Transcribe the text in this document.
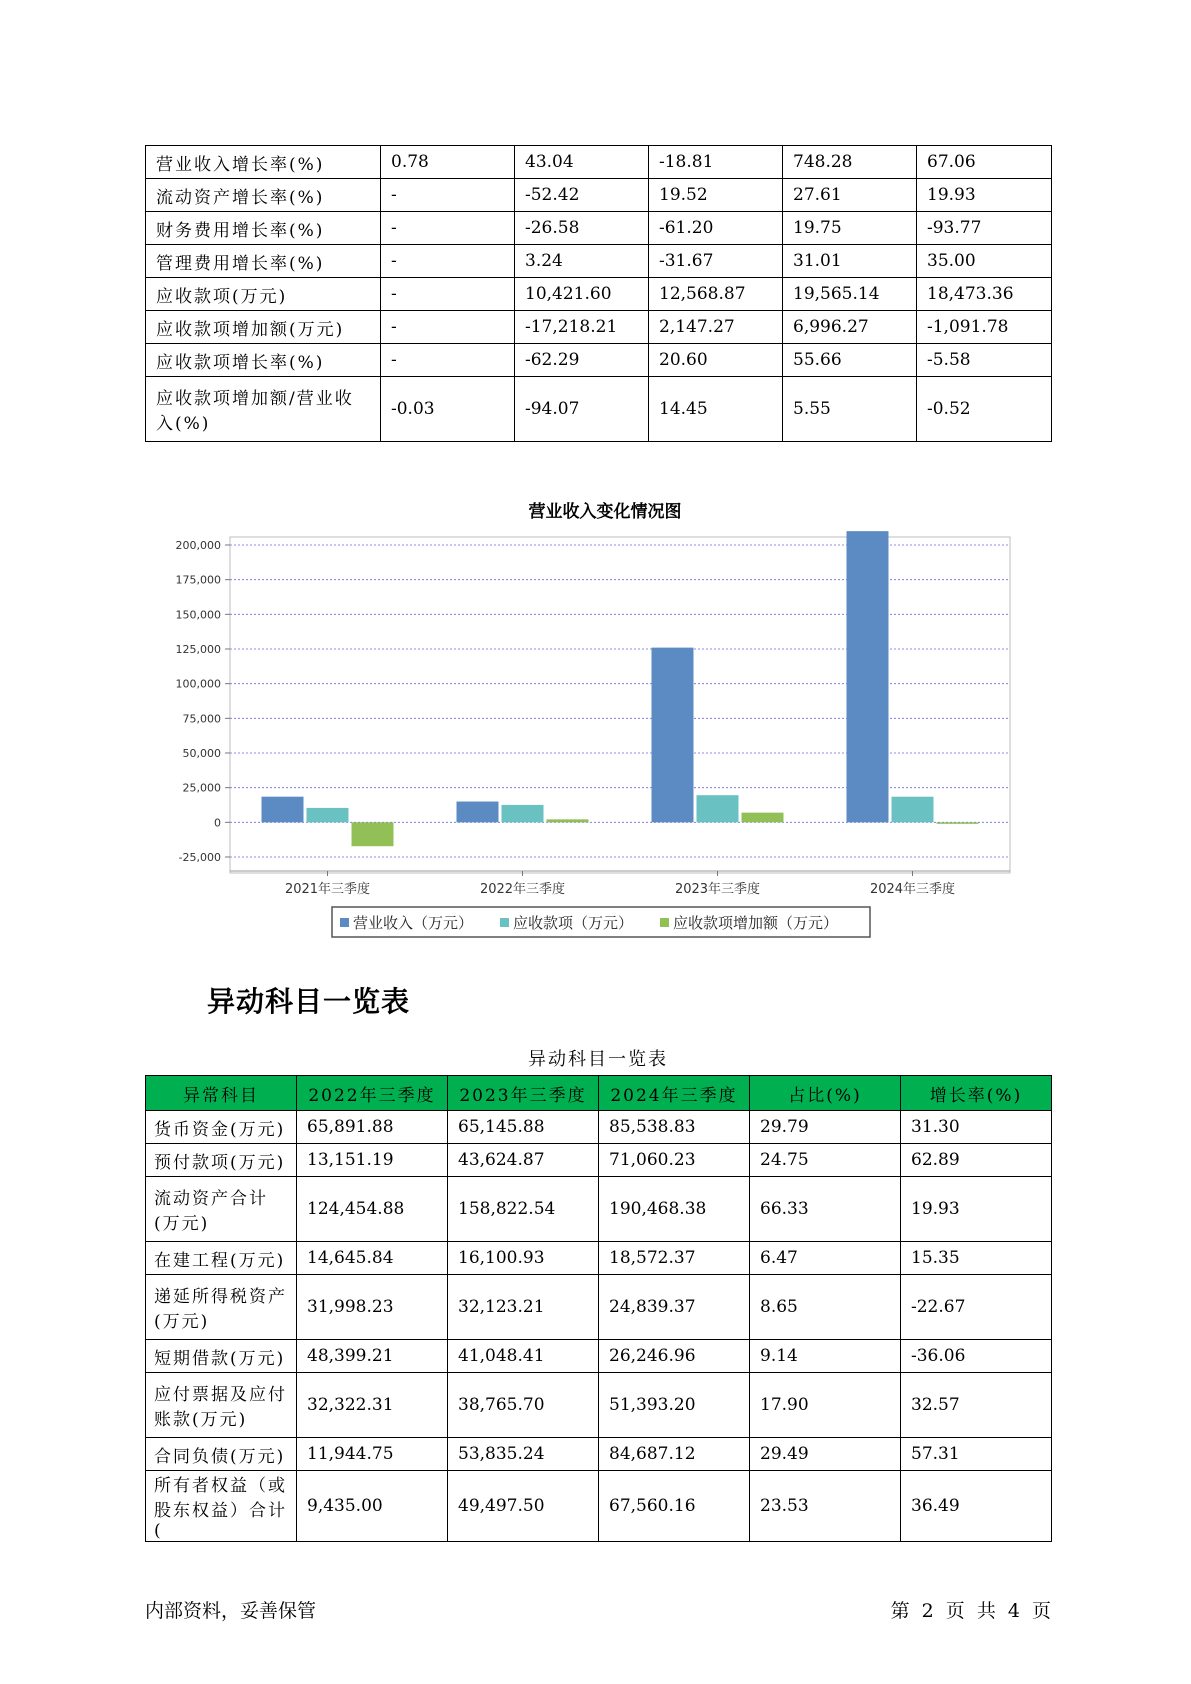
营业收入增长率(%)	0.78	43.04	-18.81	748.28	67.06
流动资产增长率(%)	-	-52.42	19.52	27.61	19.93
财务费用增长率(%)	-	-26.58	-61.20	19.75	-93.77
管理费用增长率(%)	-	3.24	-31.67	31.01	35.00
应收款项(万元)	-	10,421.60	12,568.87	19,565.14	18,473.36
应收款项增加额(万元)	-	-17,218.21	2,147.27	6,996.27	-1,091.78
应收款项增长率(%)	-	-62.29	20.60	55.66	-5.58
应收款项增加额/营业收入(%)	-0.03	-94.07	14.45	5.55	-0.52
营业收入变化情况图
-25,000
0
25,000
50,000
75,000
100,000
125,000
150,000
175,000
200,000
2021年三季度	2022年三季度	2023年三季度	2024年三季度
营业收入（万元）	应收款项（万元）	应收款项增加额（万元）
异动科目一览表
异动科目一览表
异常科目	2022年三季度	2023年三季度	2024年三季度	占比(%)	增长率(%)
货币资金(万元)	65,891.88	65,145.88	85,538.83	29.79	31.30
预付款项(万元)	13,151.19	43,624.87	71,060.23	24.75	62.89
流动资产合计(万元)	124,454.88	158,822.54	190,468.38	66.33	19.93
在建工程(万元)	14,645.84	16,100.93	18,572.37	6.47	15.35
递延所得税资产(万元)	31,998.23	32,123.21	24,839.37	8.65	-22.67
短期借款(万元)	48,399.21	41,048.41	26,246.96	9.14	-36.06
应付票据及应付账款(万元)	32,322.31	38,765.70	51,393.20	17.90	32.57
合同负债(万元)	11,944.75	53,835.24	84,687.12	29.49	57.31
所有者权益（或股东权益）合计(	9,435.00	49,497.50	67,560.16	23.53	36.49
内部资料，妥善保管	第 2 页 共 4 页
